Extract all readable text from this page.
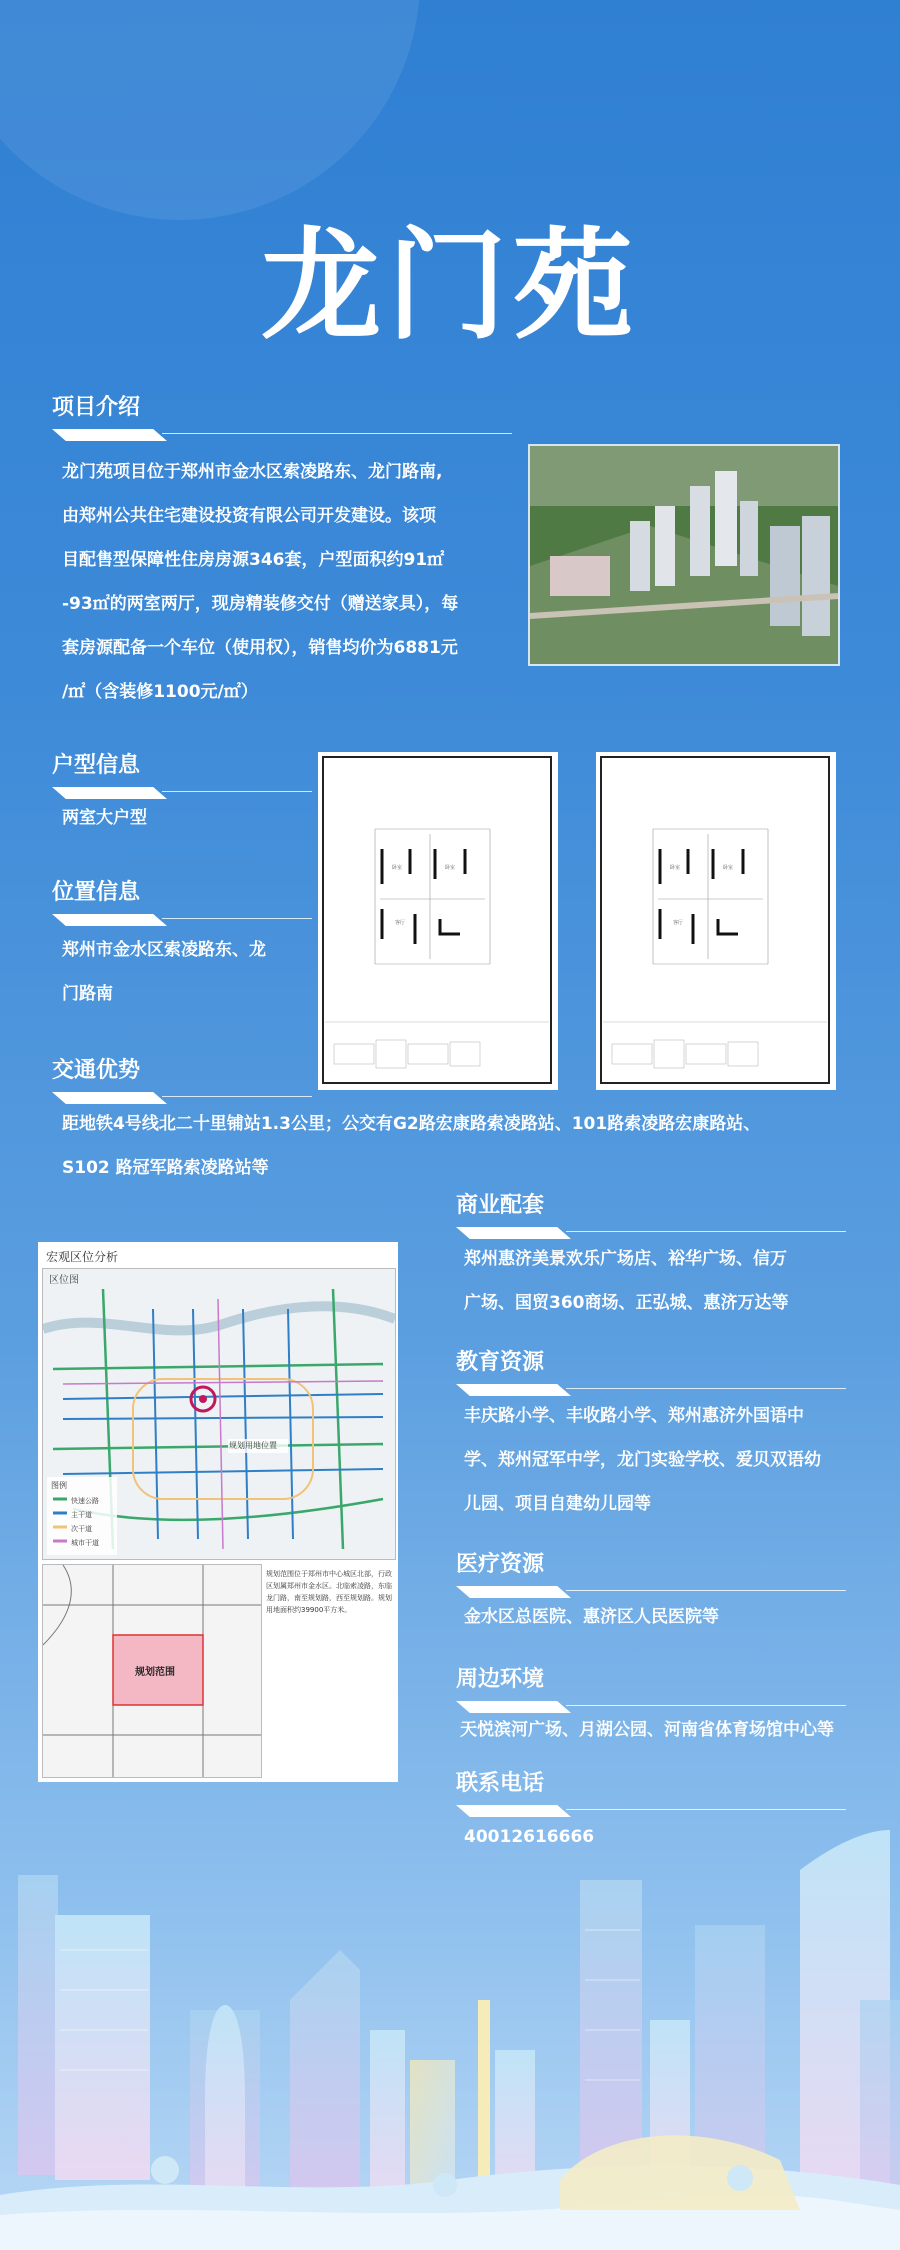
龙门苑
项目介绍
龙门苑项目位于郑州市金水区索凌路东、龙门路南,
由郑州公共住宅建设投资有限公司开发建设。该项
目配售型保障性住房房源346套，户型面积约91㎡
-93㎡的两室两厅，现房精装修交付（赠送家具），每
套房源配备一个车位（使用权），销售均价为6881元
/㎡（含装修1100元/㎡）
户型信息
两室大户型
卧室	卧室
客厅
卧室	卧室
客厅
位置信息
郑州市金水区索凌路东、龙
门路南
交通优势
距地铁4号线北二十里铺站1.3公里；公交有G2路宏康路索凌路站、101路索凌路宏康路站、
S102 路冠军路索凌路站等
宏观区位分析
区位图
规划用地位置
图例
快速公路
主干道
次干道
城市干道
规划范围
规划范围位于郑州市中心城区北部，行政区划属郑州市金水区。北临索凌路，东临龙门路，南至规划路，西至规划路。规划用地面积约39900平方米。
商业配套
郑州惠济美景欢乐广场店、裕华广场、信万
广场、国贸360商场、正弘城、惠济万达等
教育资源
丰庆路小学、丰收路小学、郑州惠济外国语中
学、郑州冠军中学，龙门实验学校、爱贝双语幼
儿园、项目自建幼儿园等
医疗资源
金水区总医院、惠济区人民医院等
周边环境
天悦滨河广场、月湖公园、河南省体育场馆中心等
联系电话
40012616666
